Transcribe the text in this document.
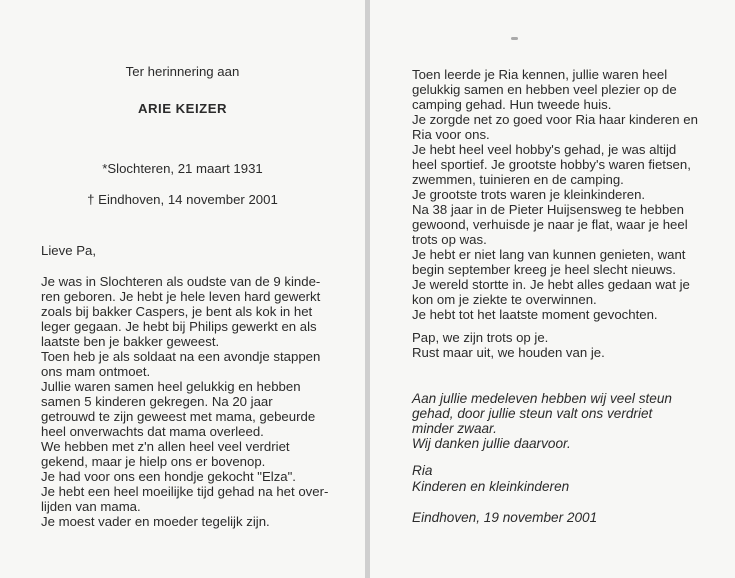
Ter herinnering aan
ARIE KEIZER
*Slochteren, 21 maart 1931
† Eindhoven, 14 november 2001
Lieve Pa,
Je was in Slochteren als oudste van de 9 kinde-
ren geboren. Je hebt je hele leven hard gewerkt
zoals bij bakker Caspers, je bent als kok in het
leger gegaan. Je hebt bij Philips gewerkt en als
laatste ben je bakker geweest.
Toen heb je als soldaat na een avondje stappen
ons mam ontmoet.
Jullie waren samen heel gelukkig en hebben
samen 5 kinderen gekregen. Na 20 jaar
getrouwd te zijn geweest met mama, gebeurde
heel onverwachts dat mama overleed.
We hebben met z'n allen heel veel verdriet
gekend, maar je hielp ons er bovenop.
Je had voor ons een hondje gekocht "Elza".
Je hebt een heel moeilijke tijd gehad na het over-
lijden van mama.
Je moest vader en moeder tegelijk zijn.
Toen leerde je Ria kennen, jullie waren heel
gelukkig samen en hebben veel plezier op de
camping gehad. Hun tweede huis.
Je zorgde net zo goed voor Ria haar kinderen en
Ria voor ons.
Je hebt heel veel hobby's gehad, je was altijd
heel sportief. Je grootste hobby's waren fietsen,
zwemmen, tuinieren en de camping.
Je grootste trots waren je kleinkinderen.
Na 38 jaar in de Pieter Huijsensweg te hebben
gewoond, verhuisde je naar je flat, waar je heel
trots op was.
Je hebt er niet lang van kunnen genieten, want
begin september kreeg je heel slecht nieuws.
Je wereld stortte in. Je hebt alles gedaan wat je
kon om je ziekte te overwinnen.
Je hebt tot het laatste moment gevochten.
Pap, we zijn trots op je.
Rust maar uit, we houden van je.
Aan jullie medeleven hebben wij veel steun
gehad, door jullie steun valt ons verdriet
minder zwaar.
Wij danken jullie daarvoor.
Ria
Kinderen en kleinkinderen
Eindhoven, 19 november 2001
